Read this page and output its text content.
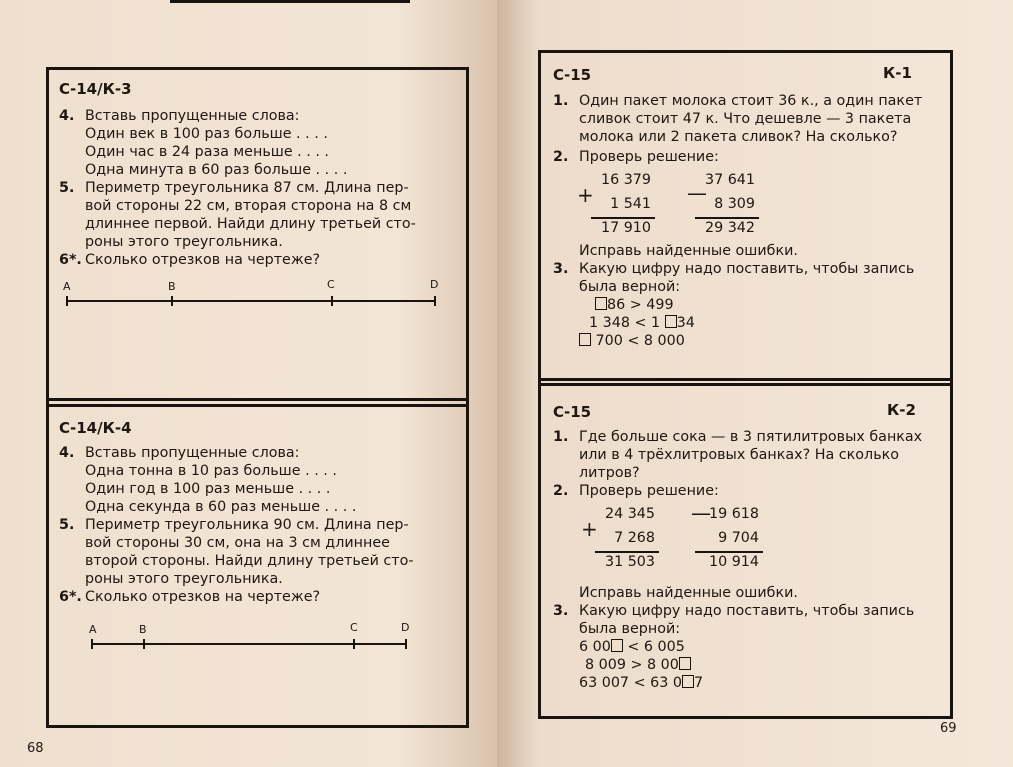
С-14/К-3
4. Вставь пропущенные слова:
Один век в 100 раз больше . . . .
Один час в 24 раза меньше . . . .
Одна минута в 60 раз больше . . . .
5. Периметр треугольника 87 см. Длина пер-
вой стороны 22 см, вторая сторона на 8 см
длиннее первой. Найди длину третьей сто-
роны этого треугольника.
6*. Сколько отрезков на чертеже?
A	B	C	D
С-14/К-4
4. Вставь пропущенные слова:
Одна тонна в 10 раз больше . . . .
Один год в 100 раз меньше . . . .
Одна секунда в 60 раз меньше . . . .
5. Периметр треугольника 90 см. Длина пер-
вой стороны 30 см, она на 3 см длиннее
второй стороны. Найди длину третьей сто-
роны этого треугольника.
6*. Сколько отрезков на чертеже?
A	B	C	D
68
С-15	К-1
1. Один пакет молока стоит 36 к., а один пакет
сливок стоит 47 к. Что дешевле — 3 пакета
молока или 2 пакета сливок? На сколько?
2. Проверь решение:
+
16 379
1 541
17 910
—
37 641
8 309
29 342
Исправь найденные ошибки.
3. Какую цифру надо поставить, чтобы запись
была верной:
86 > 499
1 348 < 1 34
700 < 8 000
С-15	К-2
1. Где больше сока — в 3 пятилитровых банках
или в 4 трёхлитровых банках? На сколько
литров?
2. Проверь решение:
+
24 345
7 268
31 503
—
19 618
9 704
10 914
Исправь найденные ошибки.
3. Какую цифру надо поставить, чтобы запись
была верной:
6 00 < 6 005
8 009 > 8 00
63 007 < 63 0 7
69
